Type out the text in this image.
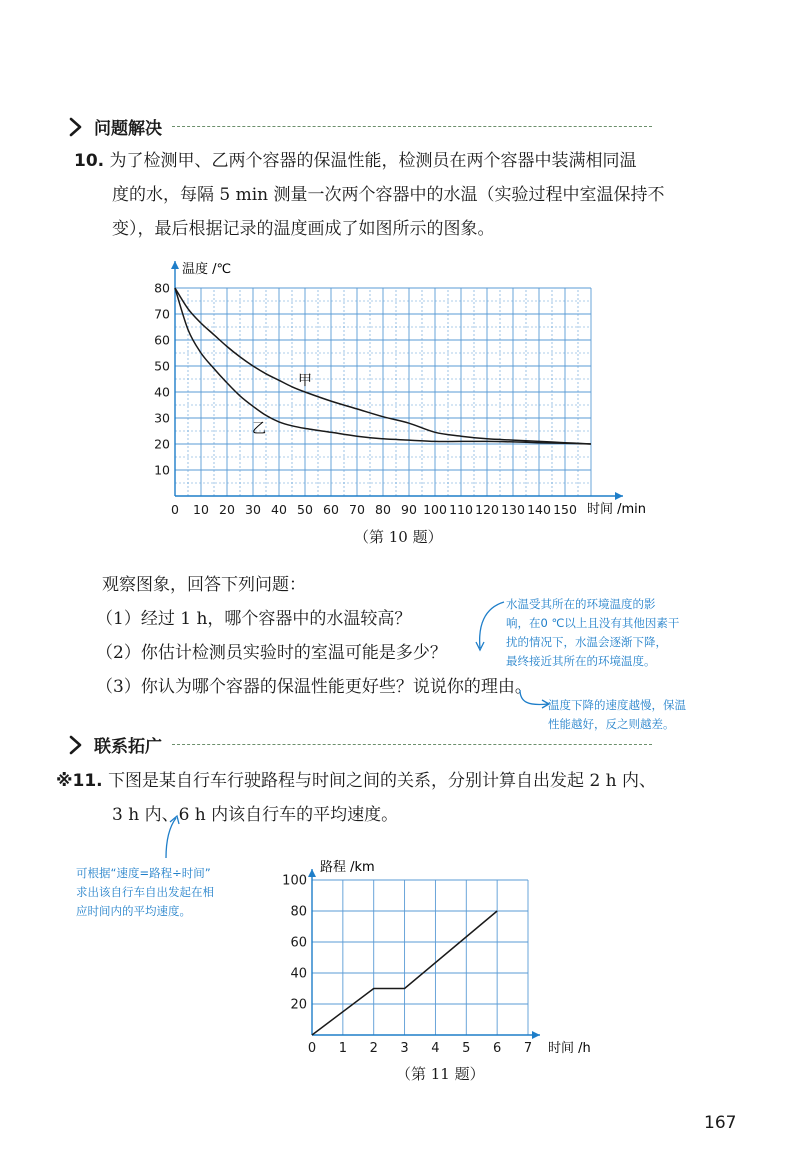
问题解决
10. 为了检测甲、乙两个容器的保温性能，检测员在两个容器中装满相同温
度的水，每隔 5 min 测量一次两个容器中的水温（实验过程中室温保持不
变），最后根据记录的温度画成了如图所示的图象。
0 10 20 30 40 50 60 70 80 90 100 110 120 130 140 150
10
20
30
40
50
60
70
80
温度 /℃
时间 /min
甲
乙
（第 10 题）
观察图象，回答下列问题：
（1）经过 1 h，哪个容器中的水温较高？
（2）你估计检测员实验时的室温可能是多少？
（3）你认为哪个容器的保温性能更好些？说说你的理由。
水温受其所在的环境温度的影
响，在0 ℃以上且没有其他因素干
扰的情况下，水温会逐渐下降，
最终接近其所在的环境温度。
温度下降的速度越慢，保温
性能越好，反之则越差。
联系拓广
※11. 下图是某自行车行驶路程与时间之间的关系，分别计算自出发起 2 h 内、
3 h 内、6 h 内该自行车的平均速度。
可根据“速度=路程÷时间”
求出该自行车自出发起在相
应时间内的平均速度。
0 1 2 3 4 5 6 7
20
40
60
80
100
路程 /km
时间 /h
（第 11 题）
167
